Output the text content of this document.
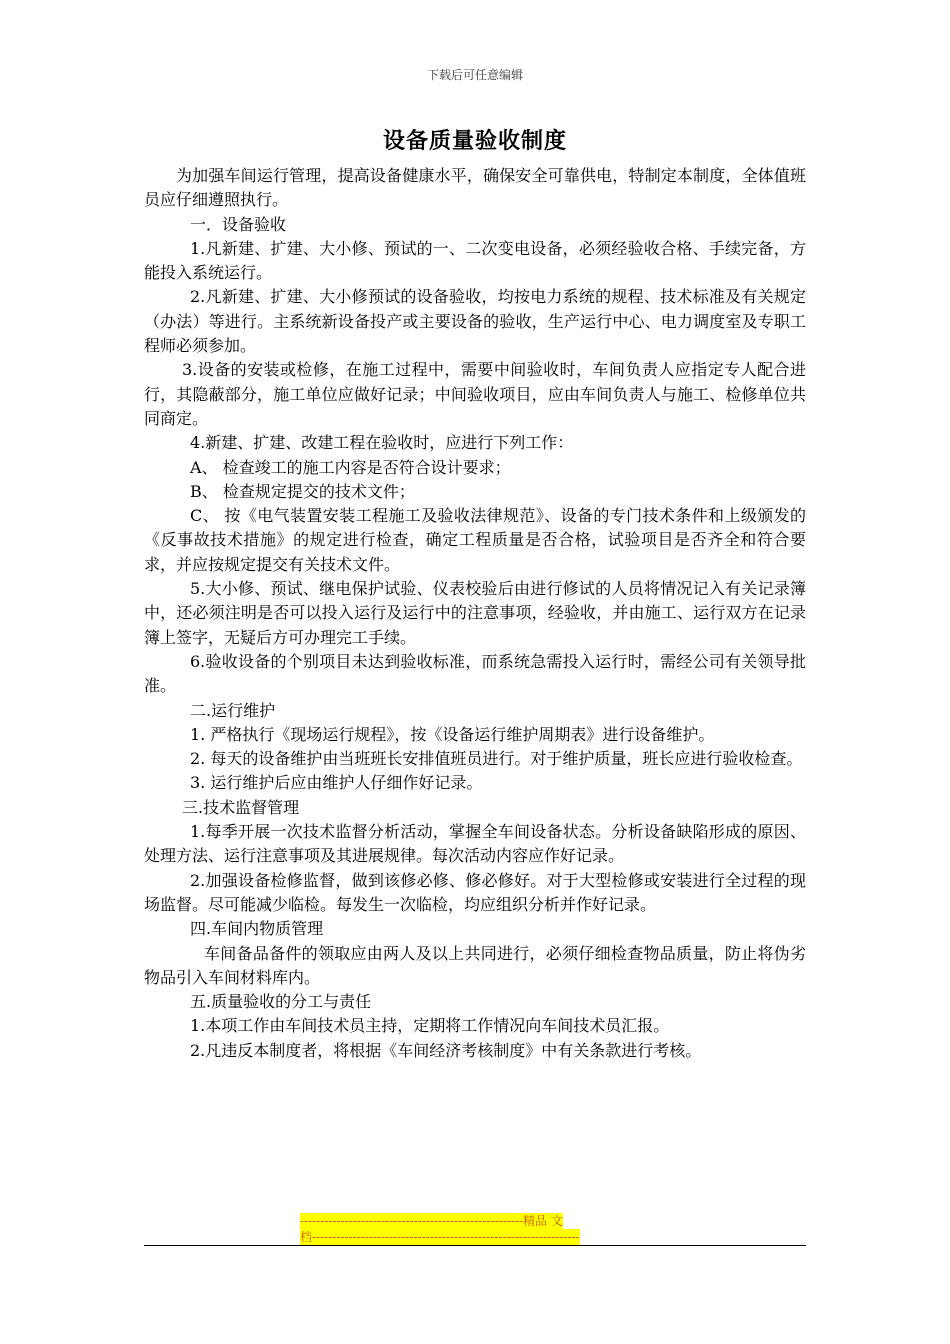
下载后可任意编辑
设备质量验收制度

为加强车间运行管理，提高设备健康水平，确保安全可靠供电，特制定本制度，全体值班员应仔细遵照执行。

一．设备验收

1.凡新建、扩建、大小修、预试的一、二次变电设备，必须经验收合格、手续完备，方能投入系统运行。

2.凡新建、扩建、大小修预试的设备验收，均按电力系统的规程、技术标准及有关规定（办法）等进行。主系统新设备投产或主要设备的验收，生产运行中心、电力调度室及专职工程师必须参加。

3.设备的安装或检修，在施工过程中，需要中间验收时，车间负责人应指定专人配合进行，其隐蔽部分，施工单位应做好记录；中间验收项目，应由车间负责人与施工、检修单位共同商定。

4.新建、扩建、改建工程在验收时，应进行下列工作：

A、 检查竣工的施工内容是否符合设计要求；

B、 检查规定提交的技术文件；

C、 按《电气装置安装工程施工及验收法律规范》、设备的专门技术条件和上级颁发的《反事故技术措施》的规定进行检查，确定工程质量是否合格，试验项目是否齐全和符合要求，并应按规定提交有关技术文件。

5.大小修、预试、继电保护试验、仪表校验后由进行修试的人员将情况记入有关记录簿中，还必须注明是否可以投入运行及运行中的注意事项，经验收，并由施工、运行双方在记录簿上签字，无疑后方可办理完工手续。

6.验收设备的个别项目未达到验收标准，而系统急需投入运行时，需经公司有关领导批准。

二.运行维护

1. 严格执行《现场运行规程》，按《设备运行维护周期表》进行设备维护。

2. 每天的设备维护由当班班长安排值班员进行。对于维护质量，班长应进行验收检查。

3. 运行维护后应由维护人仔细作好记录。

三.技术监督管理

1.每季开展一次技术监督分析活动，掌握全车间设备状态。分析设备缺陷形成的原因、处理方法、运行注意事项及其进展规律。每次活动内容应作好记录。

2.加强设备检修监督，做到该修必修、修必修好。对于大型检修或安装进行全过程的现场监督。尽可能减少临检。每发生一次临检，均应组织分析并作好记录。

四.车间内物质管理

车间备品备件的领取应由两人及以上共同进行，必须仔细检查物品质量，防止将伪劣物品引入车间材料库内。

五.质量验收的分工与责任

1.本项工作由车间技术员主持，定期将工作情况向车间技术员汇报。

2.凡违反本制度者，将根据《车间经济考核制度》中有关条款进行考核。

-------------------------------------------------------精品 文
档------------------------------------------------------------------
